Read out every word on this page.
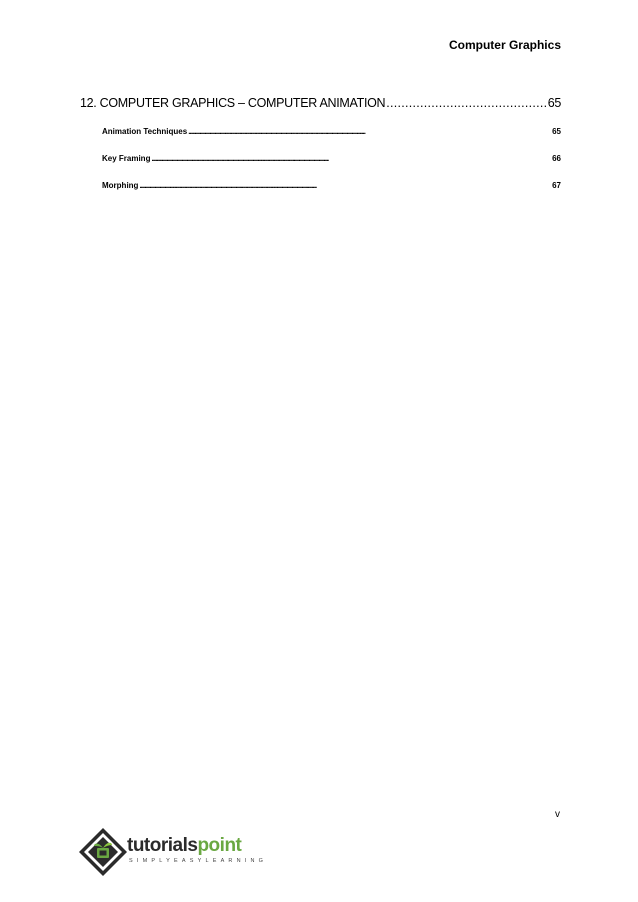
Computer Graphics
12. COMPUTER GRAPHICS – COMPUTER ANIMATION . . .	65
Animation Techniques . . .	65
Key Framing . . .	66
Morphing . . .	67
v
tutorialspoint
SIMPLYEASYLEARNING
